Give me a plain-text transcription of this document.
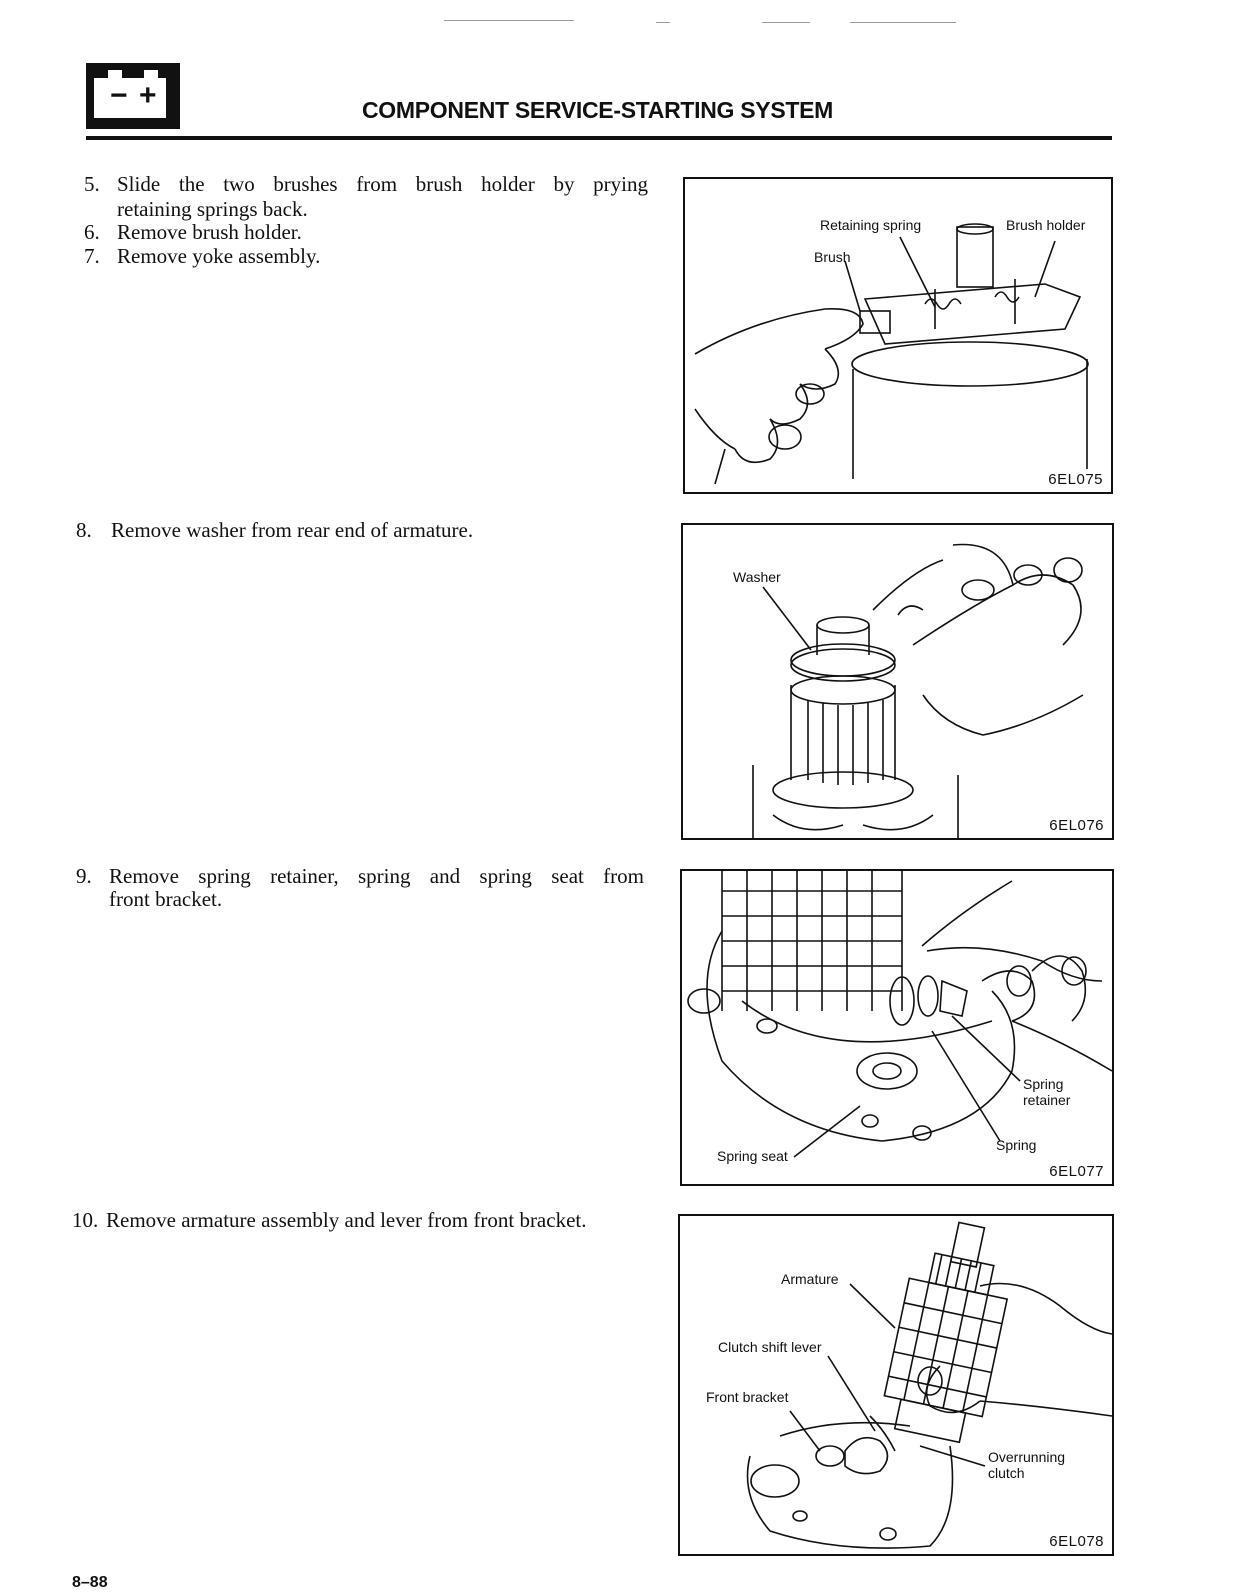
− +	COMPONENT SERVICE-STARTING SYSTEM
5. Slide the two brushes from brush holder by prying
retaining springs back.
6. Remove brush holder.
7. Remove yoke assembly.
8. Remove washer from rear end of armature.
9. Remove spring retainer, spring and spring seat from
front bracket.
10. Remove armature assembly and lever from front bracket.
Retaining spring	Brush holder
Brush
6EL075
Washer
6EL076
Spring
retainer
Spring
Spring seat
6EL077
Armature
Clutch shift lever
Front bracket
Overrunning
clutch
6EL078
8–88
